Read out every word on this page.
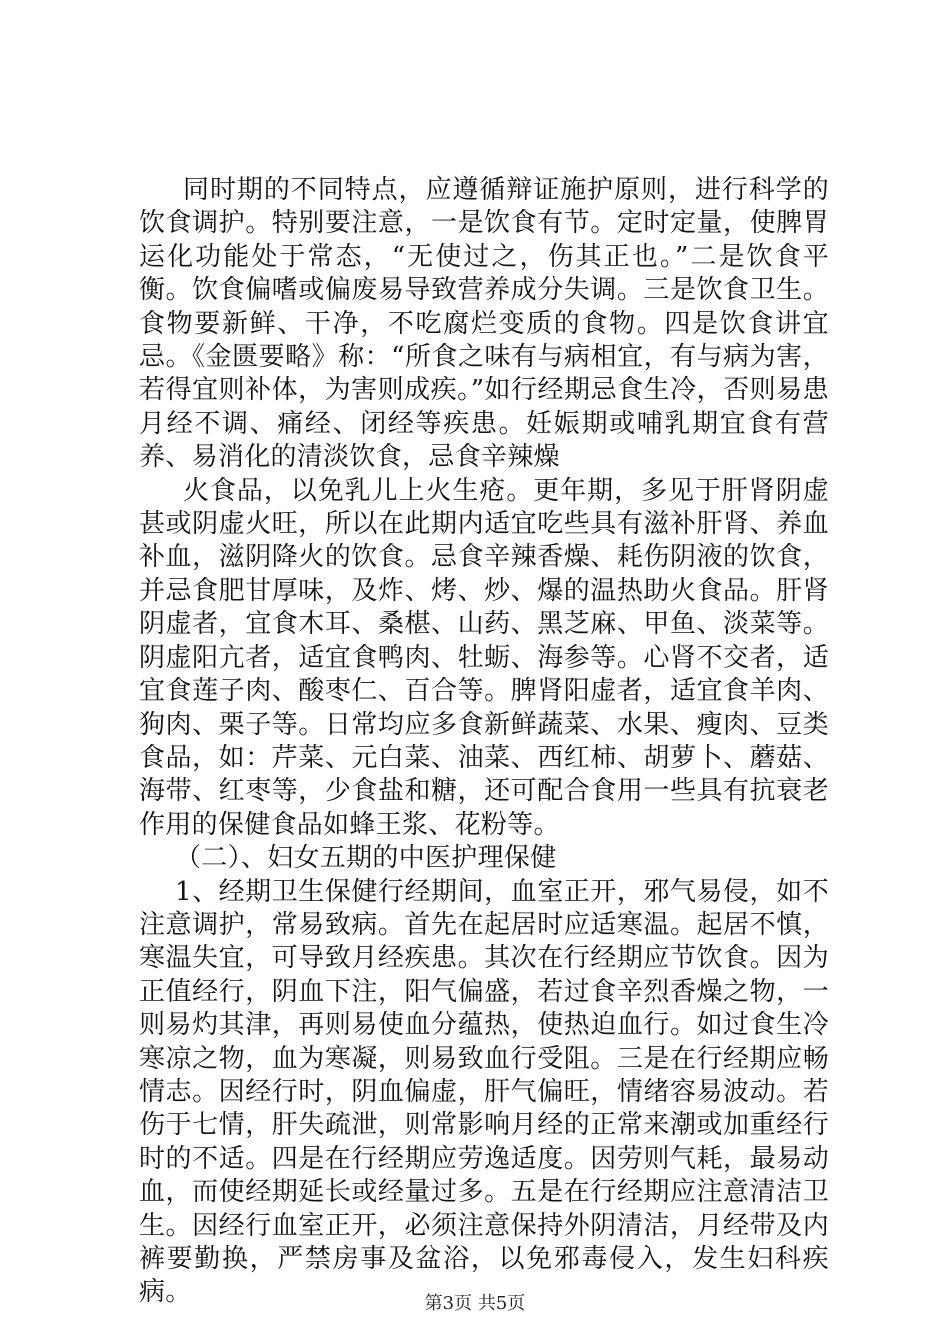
同时期的不同特点，应遵循辩证施护原则，进行科学的饮食调护。特别要注意，一是饮食有节。定时定量，使脾胃运化功能处于常态，“无使过之，伤其正也。”二是饮食平衡。饮食偏嗜或偏废易导致营养成分失调。三是饮食卫生。食物要新鲜、干净，不吃腐烂变质的食物。四是饮食讲宜忌。《金匮要略》称：“所食之味有与病相宜，有与病为害，若得宜则补体，为害则成疾。”如行经期忌食生冷，否则易患月经不调、痛经、闭经等疾患。妊娠期或哺乳期宜食有营养、易消化的清淡饮食，忌食辛辣燥

火食品，以免乳儿上火生疮。更年期，多见于肝肾阴虚甚或阴虚火旺，所以在此期内适宜吃些具有滋补肝肾、养血补血，滋阴降火的饮食。忌食辛辣香燥、耗伤阴液的饮食，并忌食肥甘厚味，及炸、烤、炒、爆的温热助火食品。肝肾阴虚者，宜食木耳、桑椹、山药、黑芝麻、甲鱼、淡菜等。阴虚阳亢者，适宜食鸭肉、牡蛎、海参等。心肾不交者，适宜食莲子肉、酸枣仁、百合等。脾肾阳虚者，适宜食羊肉、狗肉、栗子等。日常均应多食新鲜蔬菜、水果、瘦肉、豆类食品，如：芹菜、元白菜、油菜、西红柿、胡萝卜、蘑菇、海带、红枣等，少食盐和糖，还可配合食用一些具有抗衰老作用的保健食品如蜂王浆、花粉等。

（二）、妇女五期的中医护理保健

1、经期卫生保健行经期间，血室正开，邪气易侵，如不注意调护，常易致病。首先在起居时应适寒温。起居不慎，寒温失宜，可导致月经疾患。其次在行经期应节饮食。因为正值经行，阴血下注，阳气偏盛，若过食辛烈香燥之物，一则易灼其津，再则易使血分蕴热，使热迫血行。如过食生冷寒凉之物，血为寒凝，则易致血行受阻。三是在行经期应畅情志。因经行时，阴血偏虚，肝气偏旺，情绪容易波动。若伤于七情，肝失疏泄，则常影响月经的正常来潮或加重经行时的不适。四是在行经期应劳逸适度。因劳则气耗，最易动血，而使经期延长或经量过多。五是在行经期应注意清洁卫生。因经行血室正开，必须注意保持外阴清洁，月经带及内裤要勤换，严禁房事及盆浴，以免邪毒侵入，发生妇科疾病。	第3页 共5页
